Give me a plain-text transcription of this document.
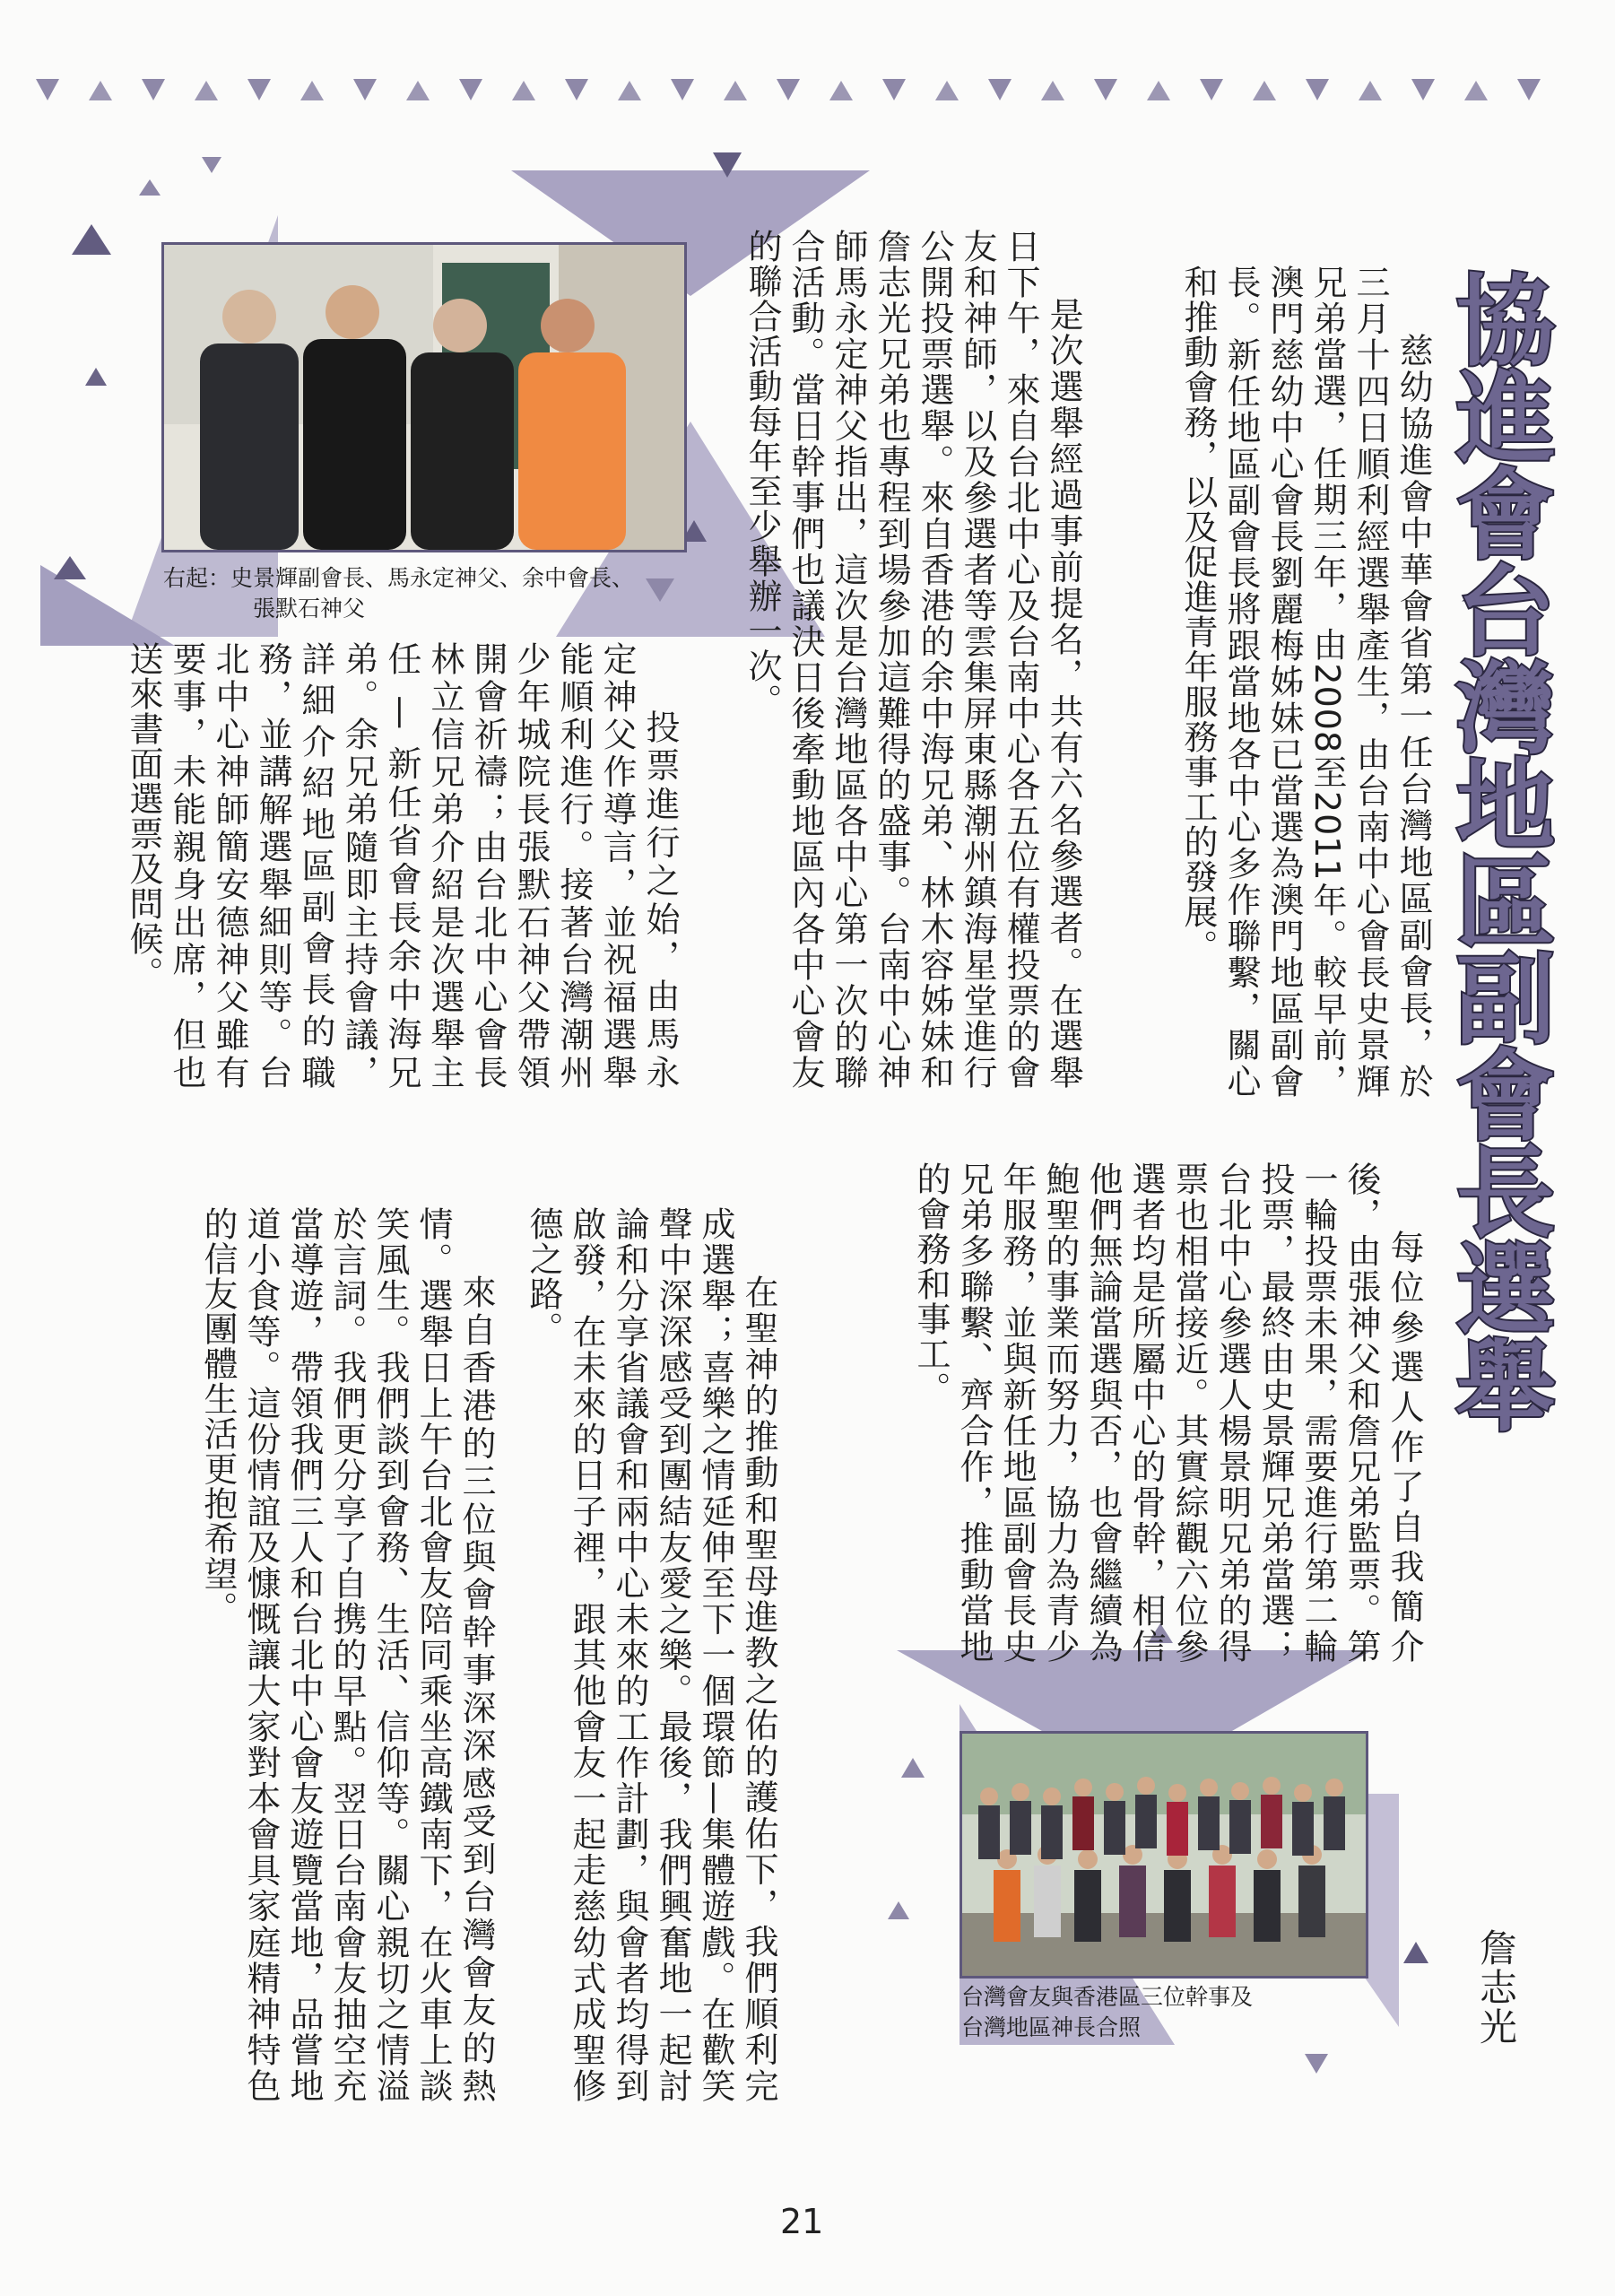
右起：史景輝副會長、馬永定神父、余中會長、
張默石神父
台灣會友與香港區三位幹事及
台灣地區神長合照
協進會台灣地區副會長選舉
詹志光

慈幼協進會中華會省第一任台灣地區副會長，於三月十四日順利經選舉產生，由台南中心會長史景輝兄弟當選，任期三年，由2008至2011年。較早前，澳門慈幼中心會長劉麗梅姊妹已當選為澳門地區副會長。新任地區副會長將跟當地各中心多作聯繫，關心和推動會務，以及促進青年服務事工的發展。

是次選舉經過事前提名，共有六名參選者。在選舉日下午，來自台北中心及台南中心各五位有權投票的會友和神師，以及參選者等雲集屏東縣潮州鎮海星堂進行公開投票選舉。來自香港的余中海兄弟、林木容姊妹和詹志光兄弟也專程到場參加這難得的盛事。台南中心神師馬永定神父指出，這次是台灣地區各中心第一次的聯合活動。當日幹事們也議決日後牽動地區內各中心會友的聯合活動每年至少舉辦一次。

投票進行之始，由馬永定神父作導言，並祝福選舉能順利進行。接著台灣潮州少年城院長張默石神父帶領開會祈禱；由台北中心會長林立信兄弟介紹是次選舉主任 — 新任省會長余中海兄弟。余兄弟隨即主持會議，詳細介紹地區副會長的職務，並講解選舉細則等。台北中心神師簡安德神父雖有要事，未能親身出席，但也送來書面選票及問候。

每位參選人作了自我簡介後，由張神父和詹兄弟監票。第一輪投票未果，需要進行第二輪投票，最終由史景輝兄弟當選；台北中心參選人楊景明兄弟的得票也相當接近。其實綜觀六位參選者均是所屬中心的骨幹，相信他們無論當選與否，也會繼續為鮑聖的事業而努力，協力為青少年服務，並與新任地區副會長史兄弟多聯繫、齊合作，推動當地的會務和事工。

在聖神的推動和聖母進教之佑的護佑下，我們順利完成選舉；喜樂之情延伸至下一個環節—集體遊戲。在歡笑聲中深深感受到團結友愛之樂。最後，我們興奮地一起討論和分享省議會和兩中心未來的工作計劃，與會者均得到啟發，在未來的日子裡，跟其他會友一起走慈幼式成聖修德之路。

來自香港的三位與會幹事深深感受到台灣會友的熱情。選舉日上午台北會友陪同乘坐高鐵南下，在火車上談笑風生。我們談到會務、生活、信仰等。關心親切之情溢於言詞。我們更分享了自携的早點。翌日台南會友抽空充當導遊，帶領我們三人和台北中心會友遊覽當地，品嘗地道小食等。這份情誼及慷慨讓大家對本會具家庭精神特色的信友團體生活更抱希望。

21
